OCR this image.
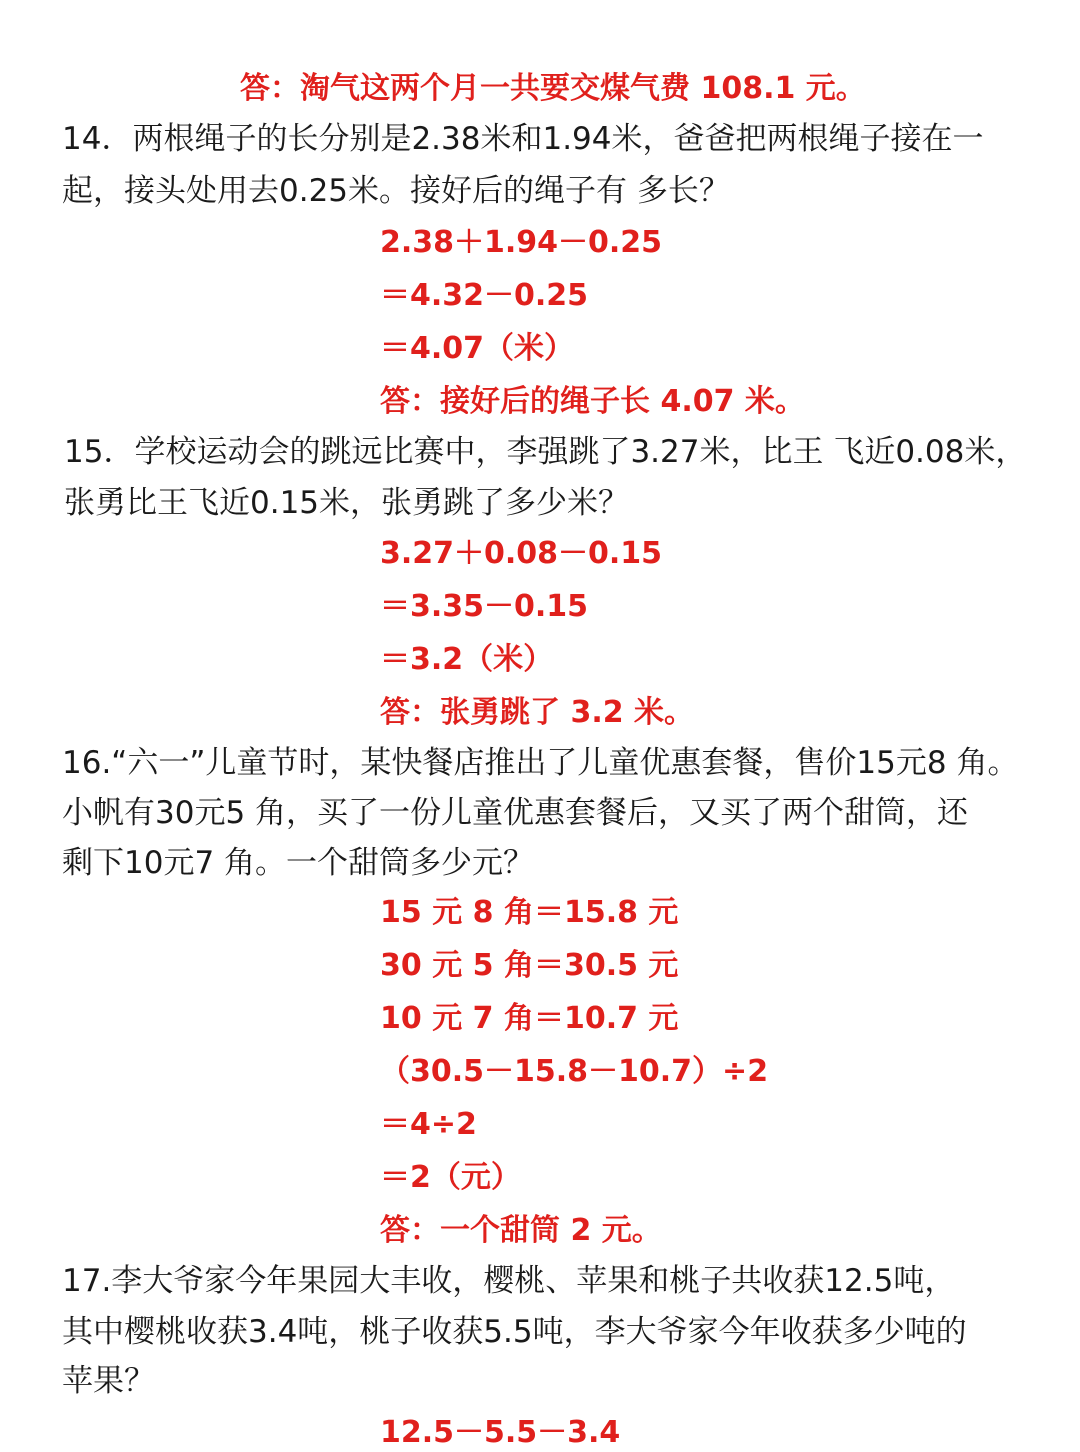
答：淘气这两个月一共要交煤气费 108.1 元。
14．两根绳子的长分别是2.38米和1.94米，爸爸把两根绳子接在一
起，接头处用去0.25米。接好后的绳子有 多长？
2.38＋1.94－0.25
＝4.32－0.25
＝4.07（米）
答：接好后的绳子长 4.07 米。
15．学校运动会的跳远比赛中，李强跳了3.27米，比王 飞近0.08米，
张勇比王飞近0.15米，张勇跳了多少米？
3.27＋0.08－0.15
＝3.35－0.15
＝3.2（米）
答：张勇跳了 3.2 米。
16.“六一”儿童节时，某快餐店推出了儿童优惠套餐，售价15元8 角。
小帆有30元5 角，买了一份儿童优惠套餐后，又买了两个甜筒，还
剩下10元7 角。一个甜筒多少元？
15 元 8 角＝15.8 元
30 元 5 角＝30.5 元
10 元 7 角＝10.7 元
（30.5－15.8－10.7）÷2
＝4÷2
＝2（元）
答：一个甜筒 2 元。
17.李大爷家今年果园大丰收，樱桃、苹果和桃子共收获12.5吨，
其中樱桃收获3.4吨，桃子收获5.5吨，李大爷家今年收获多少吨的
苹果？
12.5－5.5－3.4
